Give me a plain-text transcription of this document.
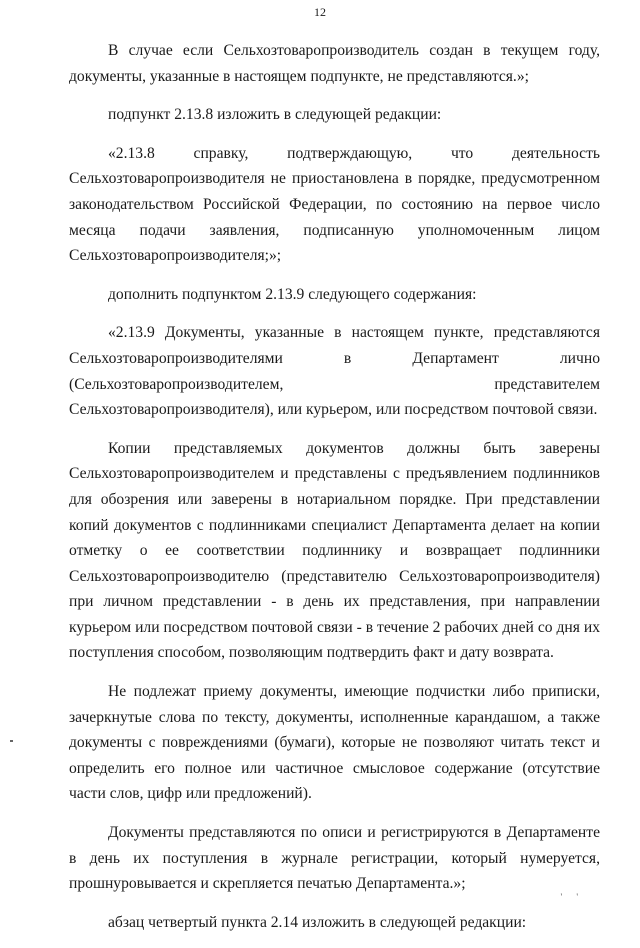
12

В случае если Сельхозтоваропроизводитель создан в текущем году, документы, указанные в настоящем подпункте, не представляются.»;

подпункт 2.13.8 изложить в следующей редакции:

«2.13.8 справку, подтверждающую, что деятельность Сельхозтоваропроизводителя не приостановлена в порядке, предусмотренном законодательством Российской Федерации, по состоянию на первое число месяца подачи заявления, подписанную уполномоченным лицом Сельхозтоваропроизводителя;»;

дополнить подпунктом 2.13.9 следующего содержания:

«2.13.9 Документы, указанные в настоящем пункте, представляются Сельхозтоваропроизводителями в Департамент лично (Сельхозтоваропроизводителем, представителем Сельхозтоваропроизводителя), или курьером, или посредством почтовой связи.

Копии представляемых документов должны быть заверены Сельхозтоваропроизводителем и представлены с предъявлением подлинников для обозрения или заверены в нотариальном порядке. При представлении копий документов с подлинниками специалист Департамента делает на копии отметку о ее соответствии подлиннику и возвращает подлинники Сельхозтоваропроизводителю (представителю Сельхозтоваропроизводителя) при личном представлении - в день их представления, при направлении курьером или посредством почтовой связи - в течение 2 рабочих дней со дня их поступления способом, позволяющим подтвердить факт и дату возврата.

Не подлежат приему документы, имеющие подчистки либо приписки, зачеркнутые слова по тексту, документы, исполненные карандашом, а также документы с повреждениями (бумаги), которые не позволяют читать текст и определить его полное или частичное смысловое содержание (отсутствие части слов, цифр или предложений).

Документы представляются по описи и регистрируются в Департаменте в день их поступления в журнале регистрации, который нумеруется, прошнуровывается и скрепляется печатью Департамента.»;

абзац четвертый пункта 2.14 изложить в следующей редакции:

' '
